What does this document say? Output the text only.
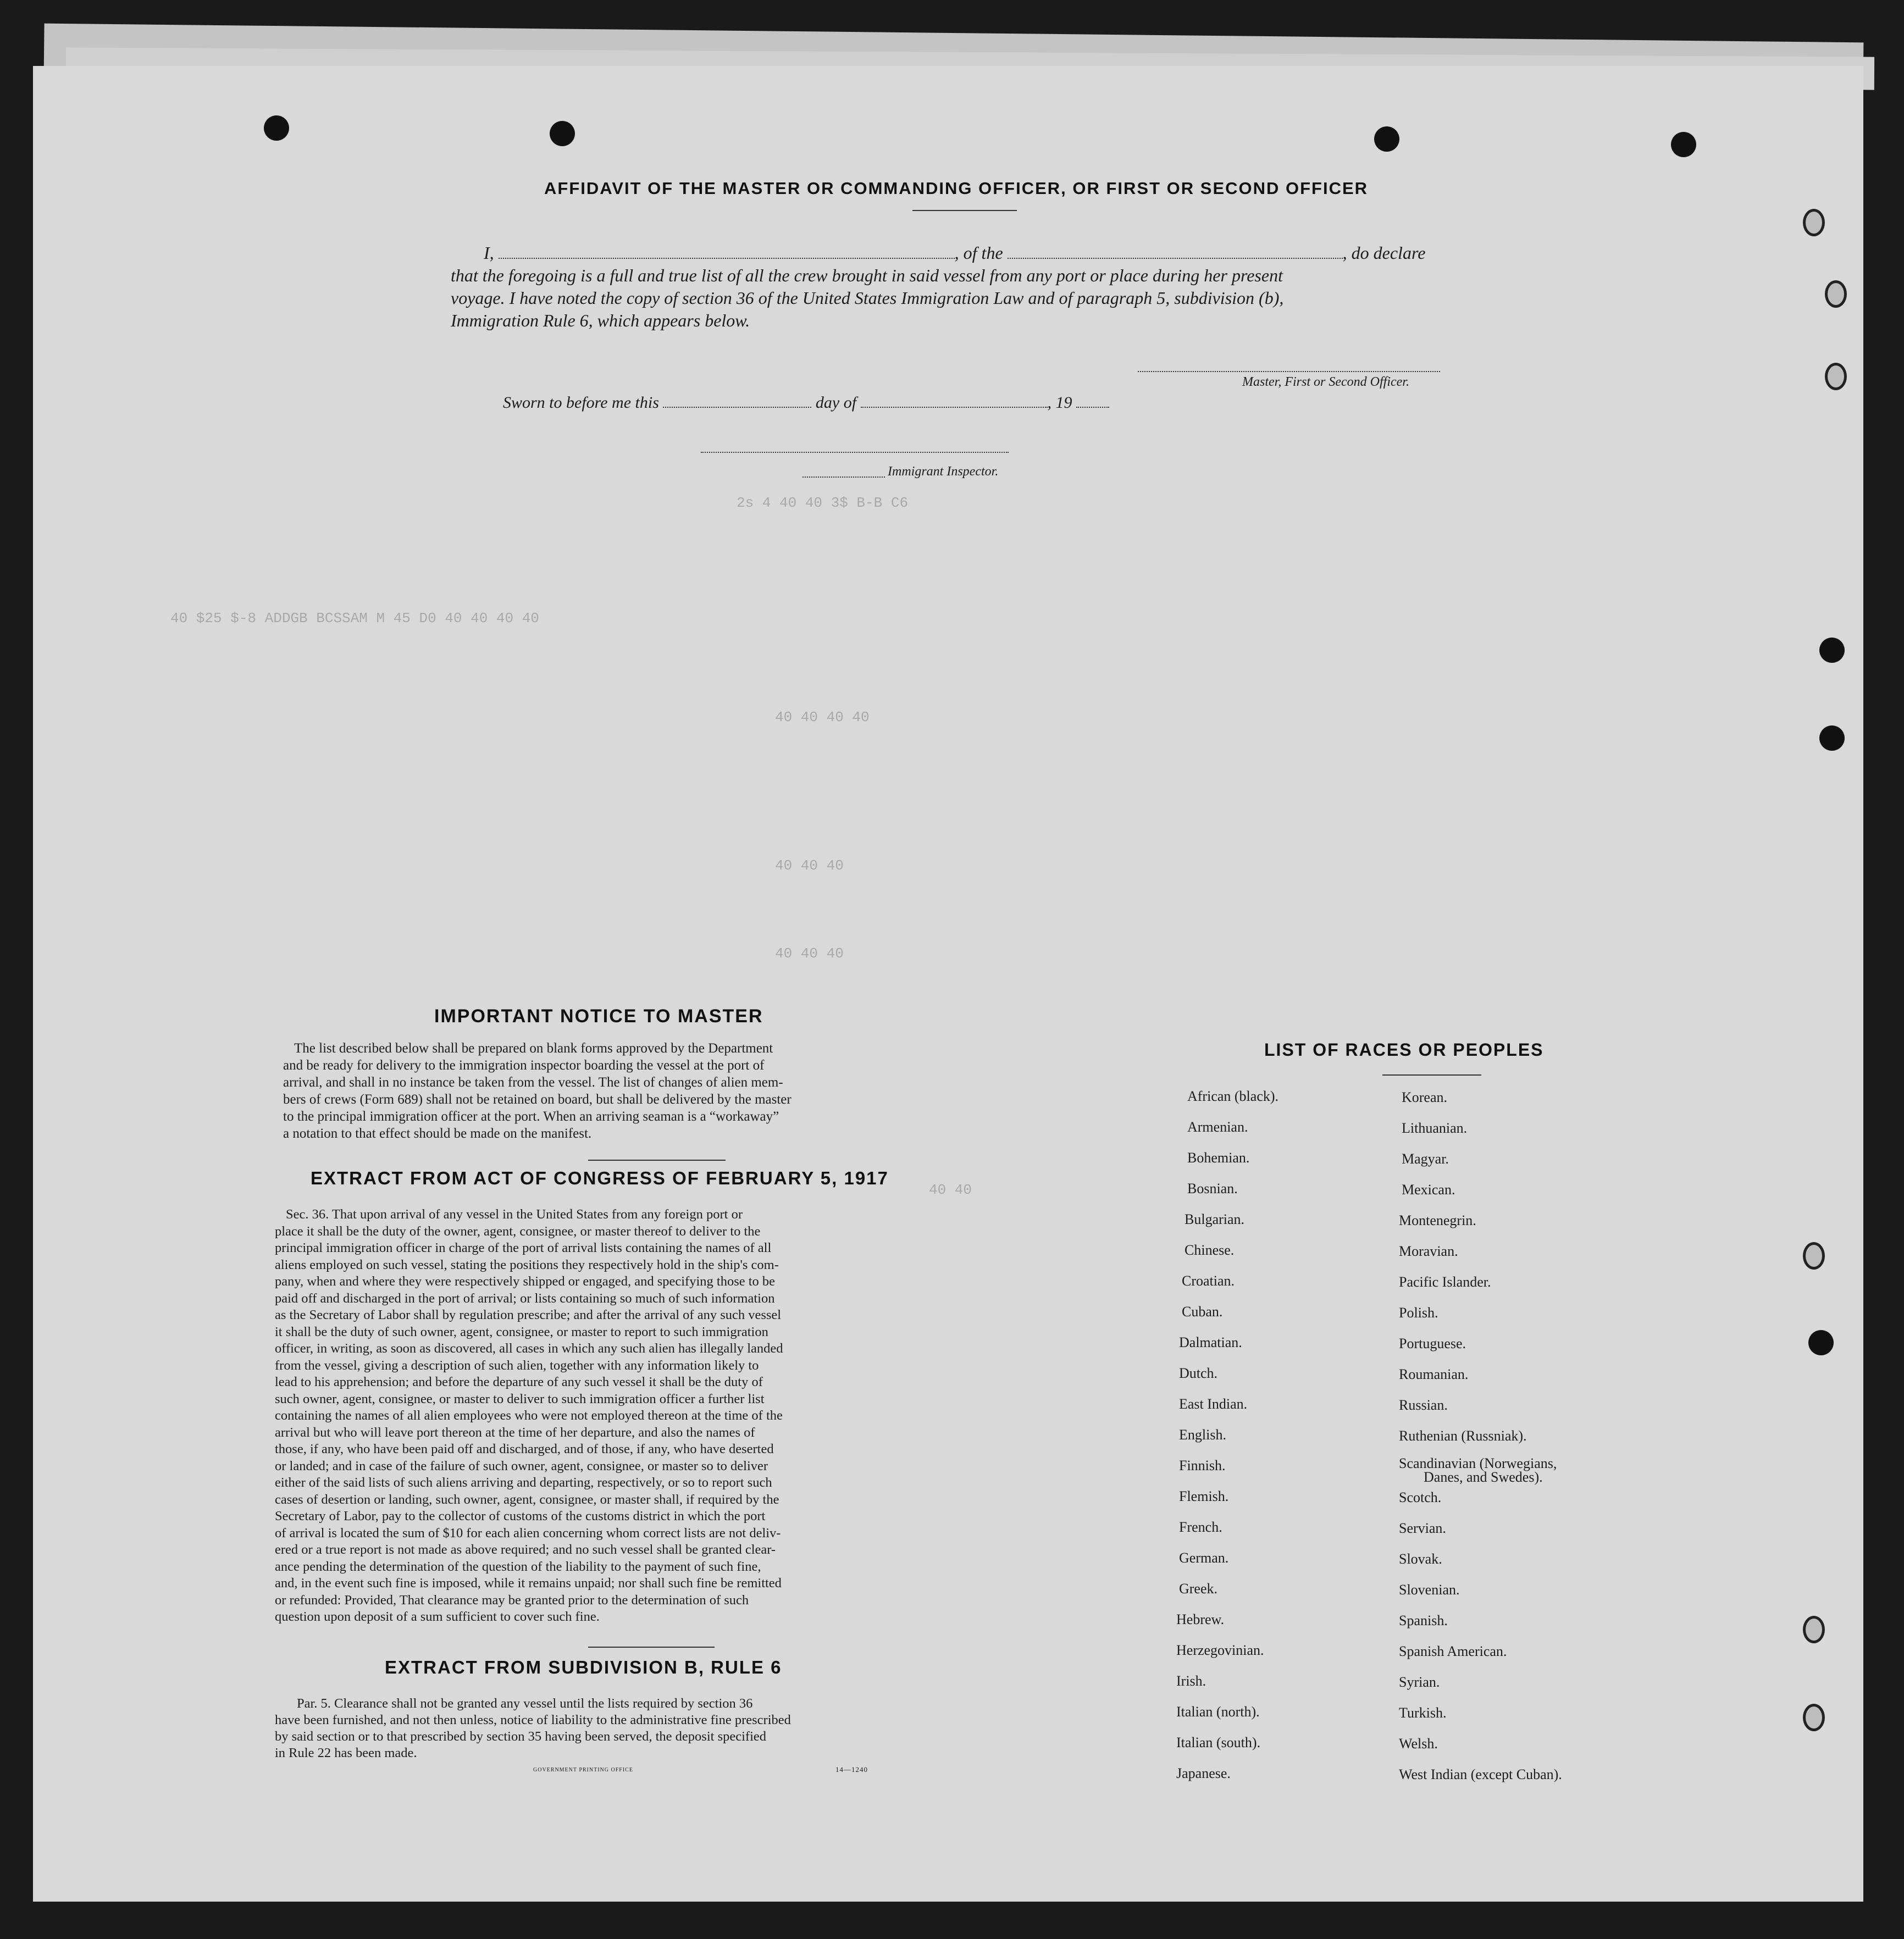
2s 4 40 40 3$ B-B C6
40 $25 $-8 ADDGB BCSSAM M 45 D0 40 40 40 40
40 40 40 40
40 40 40
40 40 40
40 40
AFFIDAVIT OF THE MASTER OR COMMANDING OFFICER, OR FIRST OR SECOND OFFICER
I,	, of the	, do declare
that the foregoing is a full and true list of all the crew brought in said vessel from any port or place during her present
voyage. I have noted the copy of section 36 of the United States Immigration Law and of paragraph 5, subdivision (b),
Immigration Rule 6, which appears below.
Master, First or Second Officer.
Sworn to before me this	day of	, 19
Immigrant Inspector.
IMPORTANT NOTICE TO MASTER
The list described below shall be prepared on blank forms approved by the Department
and be ready for delivery to the immigration inspector boarding the vessel at the port of
arrival, and shall in no instance be taken from the vessel. The list of changes of alien mem-
bers of crews (Form 689) shall not be retained on board, but shall be delivered by the master
to the principal immigration officer at the port. When an arriving seaman is a “workaway”
a notation to that effect should be made on the manifest.
EXTRACT FROM ACT OF CONGRESS OF FEBRUARY 5, 1917
Sec. 36. That upon arrival of any vessel in the United States from any foreign port or
place it shall be the duty of the owner, agent, consignee, or master thereof to deliver to the
principal immigration officer in charge of the port of arrival lists containing the names of all
aliens employed on such vessel, stating the positions they respectively hold in the ship's com-
pany, when and where they were respectively shipped or engaged, and specifying those to be
paid off and discharged in the port of arrival; or lists containing so much of such information
as the Secretary of Labor shall by regulation prescribe; and after the arrival of any such vessel
it shall be the duty of such owner, agent, consignee, or master to report to such immigration
officer, in writing, as soon as discovered, all cases in which any such alien has illegally landed
from the vessel, giving a description of such alien, together with any information likely to
lead to his apprehension; and before the departure of any such vessel it shall be the duty of
such owner, agent, consignee, or master to deliver to such immigration officer a further list
containing the names of all alien employees who were not employed thereon at the time of the
arrival but who will leave port thereon at the time of her departure, and also the names of
those, if any, who have been paid off and discharged, and of those, if any, who have deserted
or landed; and in case of the failure of such owner, agent, consignee, or master so to deliver
either of the said lists of such aliens arriving and departing, respectively, or so to report such
cases of desertion or landing, such owner, agent, consignee, or master shall, if required by the
Secretary of Labor, pay to the collector of customs of the customs district in which the port
of arrival is located the sum of $10 for each alien concerning whom correct lists are not deliv-
ered or a true report is not made as above required; and no such vessel shall be granted clear-
ance pending the determination of the question of the liability to the payment of such fine,
and, in the event such fine is imposed, while it remains unpaid; nor shall such fine be remitted
or refunded: Provided, That clearance may be granted prior to the determination of such
question upon deposit of a sum sufficient to cover such fine.
EXTRACT FROM SUBDIVISION B, RULE 6
Par. 5. Clearance shall not be granted any vessel until the lists required by section 36
have been furnished, and not then unless, notice of liability to the administrative fine prescribed
by said section or to that prescribed by section 35 having been served, the deposit specified
in Rule 22 has been made.
GOVERNMENT PRINTING OFFICE	14—1240
LIST OF RACES OR PEOPLES
African (black).
Armenian.
Bohemian.
Bosnian.
Bulgarian.
Chinese.
Croatian.
Cuban.
Dalmatian.
Dutch.
East Indian.
English.
Finnish.
Flemish.
French.
German.
Greek.
Hebrew.
Herzegovinian.
Irish.
Italian (north).
Italian (south).
Japanese.
Korean.
Lithuanian.
Magyar.
Mexican.
Montenegrin.
Moravian.
Pacific Islander.
Polish.
Portuguese.
Roumanian.
Russian.
Ruthenian (Russniak).
Scandinavian (Norwegians,
Danes, and Swedes).
Scotch.
Servian.
Slovak.
Slovenian.
Spanish.
Spanish American.
Syrian.
Turkish.
Welsh.
West Indian (except Cuban).
